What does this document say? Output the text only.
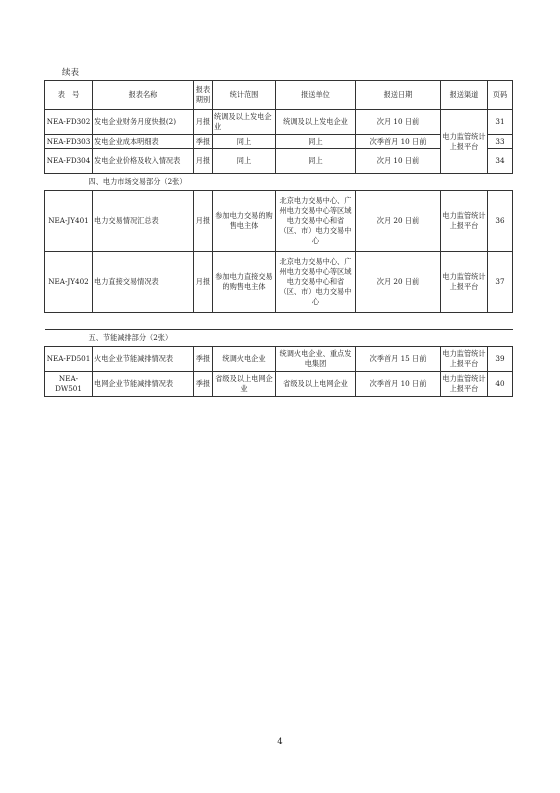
续表
表　号	报表名称	报表期别	统计范围	报送单位	报送日期	报送渠道	页码
NEA-FD302	发电企业财务月度快报(2)	月报	统调及以上发电企业	统调及以上发电企业	次月 10 日前	电力监管统计上报平台	31
NEA-FD303	发电企业成本明细表	季报	同上	同上	次季首月 10 日前		33
NEA-FD304	发电企业价格及收入情况表	月报	同上	同上	次月 10 日前		34
四、电力市场交易部分（2张）							
NEA-JY401	电力交易情况汇总表	月报	参加电力交易的购售电主体	北京电力交易中心、广州电力交易中心等区域电力交易中心和省（区、市）电力交易中心	次月 20 日前	电力监管统计上报平台	36
NEA-JY402	电力直接交易情况表	月报	参加电力直接交易的购售电主体	北京电力交易中心、广州电力交易中心等区域电力交易中心和省（区、市）电力交易中心	次月 20 日前	电力监管统计上报平台	37

五、节能减排部分（2张）							
NEA-FD501	火电企业节能减排情况表	季报	统调火电企业	统调火电企业、重点发电集团	次季首月 15 日前	电力监管统计上报平台	39
NEA-DW501	电网企业节能减排情况表	季报	省级及以上电网企业	省级及以上电网企业	次季首月 10 日前	电力监管统计上报平台	40
4
